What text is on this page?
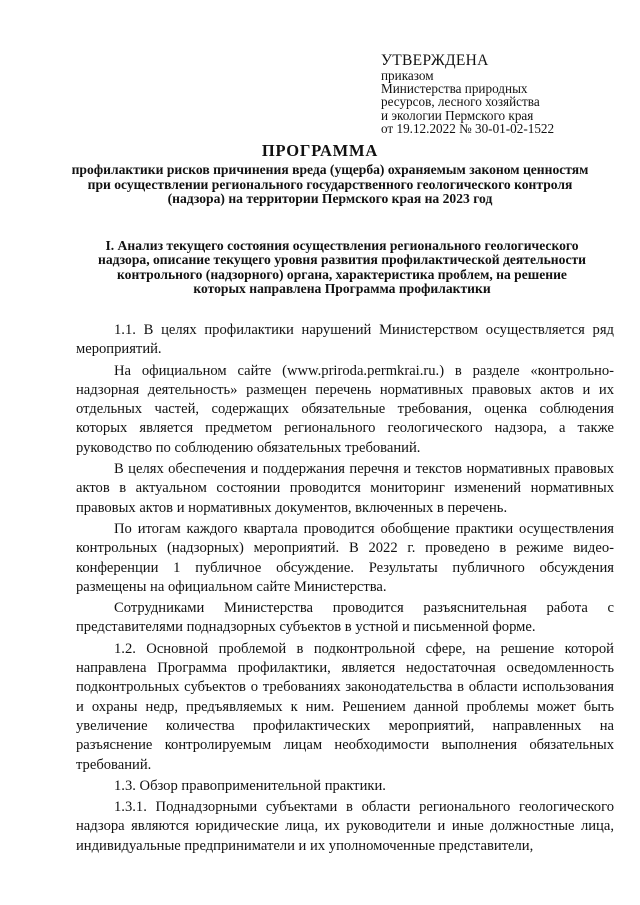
УТВЕРЖДЕНА
приказом
Министерства природных
ресурсов, лесного хозяйства
и экологии Пермского края
от 19.12.2022 № 30-01-02-1522
ПРОГРАММА
профилактики рисков причинения вреда (ущерба) охраняемым законом ценностям при осуществлении регионального государственного геологического контроля (надзора) на территории Пермского края на 2023 год
I. Анализ текущего состояния осуществления регионального геологического надзора, описание текущего уровня развития профилактической деятельности контрольного (надзорного) органа, характеристика проблем, на решение которых направлена Программа профилактики

1.1. В целях профилактики нарушений Министерством осуществляется ряд мероприятий.

На официальном сайте (www.priroda.permkrai.ru.) в разделе «контрольно-надзорная деятельность» размещен перечень нормативных правовых актов и их отдельных частей, содержащих обязательные требования, оценка соблюдения которых является предметом регионального геологического надзора, а также руководство по соблюдению обязательных требований.

В целях обеспечения и поддержания перечня и текстов нормативных правовых актов в актуальном состоянии проводится мониторинг изменений нормативных правовых актов и нормативных документов, включенных в перечень.

По итогам каждого квартала проводится обобщение практики осуществления контрольных (надзорных) мероприятий. В 2022 г. проведено в режиме видео-конференции 1 публичное обсуждение. Результаты публичного обсуждения размещены на официальном сайте Министерства.

Сотрудниками Министерства проводится разъяснительная работа с представителями поднадзорных субъектов в устной и письменной форме.

1.2. Основной проблемой в подконтрольной сфере, на решение которой направлена Программа профилактики, является недостаточная осведомленность подконтрольных субъектов о требованиях законодательства в области использования и охраны недр, предъявляемых к ним. Решением данной проблемы может быть увеличение количества профилактических мероприятий, направленных на разъяснение контролируемым лицам необходимости выполнения обязательных требований.

1.3. Обзор правоприменительной практики.

1.3.1. Поднадзорными субъектами в области регионального геологического надзора являются юридические лица, их руководители и иные должностные лица, индивидуальные предприниматели и их уполномоченные представители,
